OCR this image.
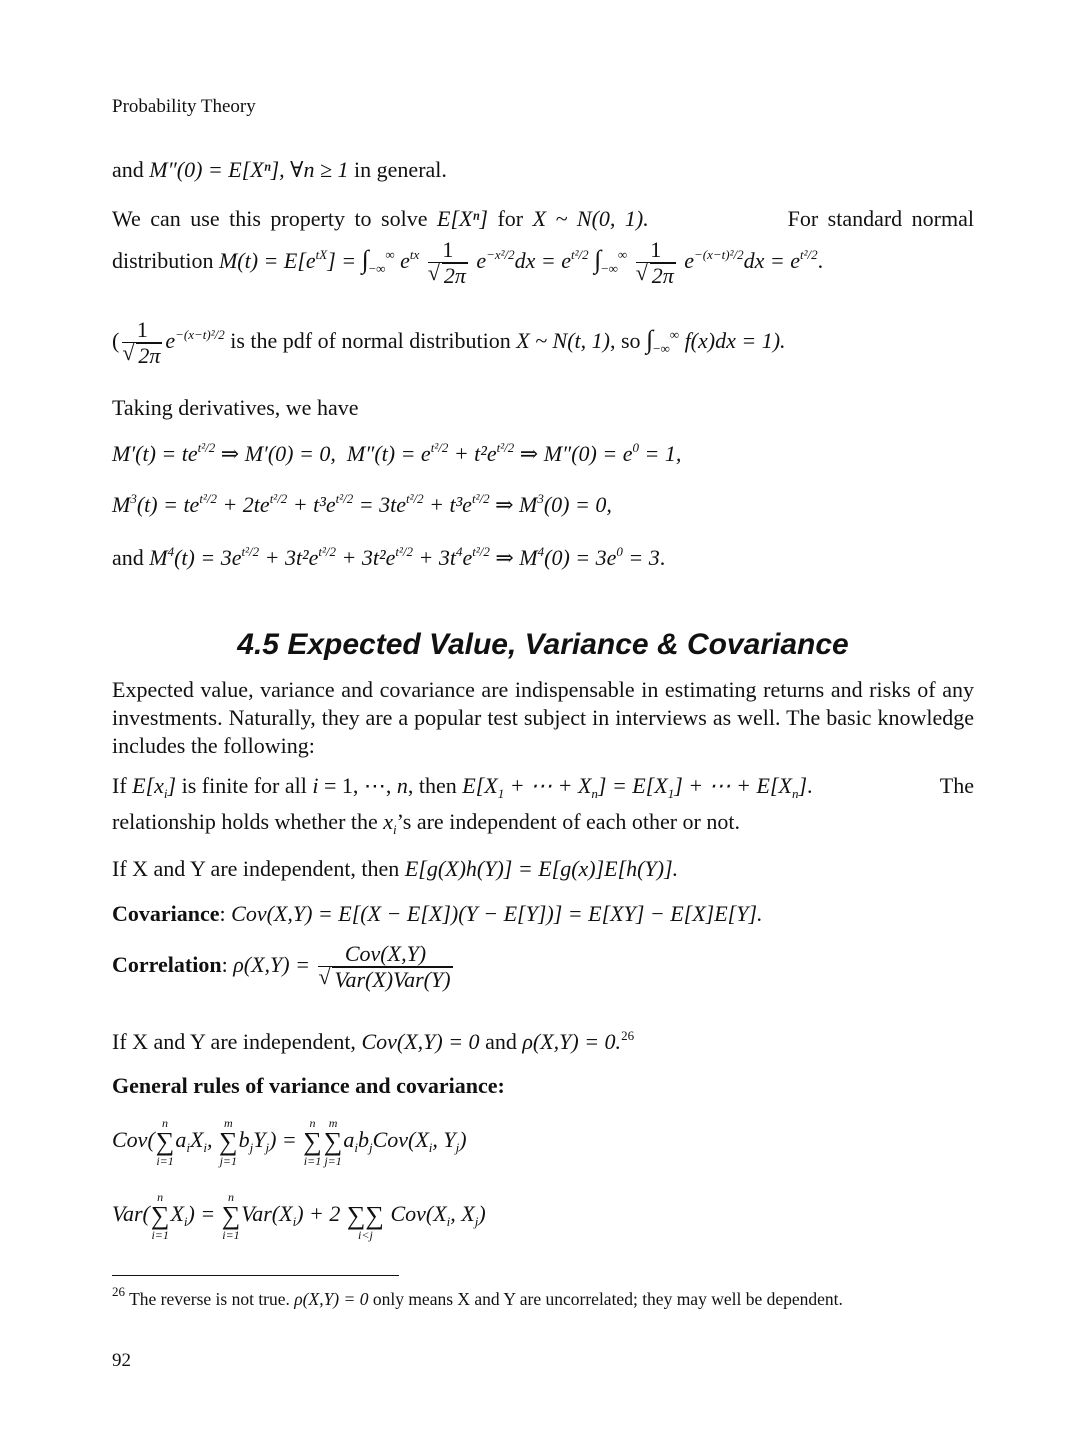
Probability Theory
and M″(0) = E[Xⁿ], ∀n ≥ 1 in general.
We can use this property to solve E[Xⁿ] for X ~ N(0, 1).	For standard normal
distribution $M(t) = E[e^{tX}] = \int_{-\infty}^\infty$ $e^{tx}$ 1
√ 2π $e^{-x^2/2}dx = e^{t^2/2}$ $\int_{-\infty}^\infty$ 1
√ 2π $e^{-(x-t)^2/2}dx = e^{t^2/2}$.
( 1
√ 2π $e^{-(x-t)^2/2}$ is the pdf of normal distribution X ~ N(t, 1), so $\int_{-\infty}^\infty$ f(x)dx = 1).
Taking derivatives, we have
$M'(t) = te^{t^2/2}$ ⇒ M′(0) = 0,  $M''(t) = e^{t^2/2} + t^2e^{t^2/2}$ ⇒ $M''(0) = e^0 = 1$,
$M^3(t) = te^{t^2/2} + 2te^{t^2/2} + t^3e^{t^2/2} = 3te^{t^2/2} + t^3e^{t^2/2}$ ⇒ $M^3(0) = 0$,
and $M^4(t) = 3e^{t^2/2} + 3t^2e^{t^2/2} + 3t^2e^{t^2/2} + 3t^4e^{t^2/2}$ ⇒ $M^4(0) = 3e^0 = 3$.
4.5 Expected Value, Variance & Covariance
Expected value, variance and covariance are indispensable in estimating returns and risks of any investments. Naturally, they are a popular test subject in interviews as well. The basic knowledge includes the following:
If $E[x_i]$ is finite for all i = 1, ⋯, n, then $E[X_1$ + ⋯ + $X_n] = E[X_1]$ + ⋯ + $E[X_n]$.	The
relationship holds whether the $x_i’s$ are independent of each other or not.
If X and Y are independent, then E[g(X)h(Y)] = E[g(x)]E[h(Y)].
Covariance: Cov(X,Y) = E[(X − E[X])(Y − E[Y])] = E[XY] − E[X]E[Y].
Correlation: ρ(X,Y) = Cov(X,Y)
√ Var(X)Var(Y)
If X and Y are independent, Cov(X,Y) = 0 and ρ(X,Y) = 0.26
General rules of variance and covariance:
Cov(
n
∑
i=1
$a_iX_i$,
m
∑
j=1
$b_jY_j$) =
n
∑
i=1
m
∑
j=1
$a_ib_jCov(X_i$, $Y_j$)
Var(
n
∑
i=1
$X_i$) =
n
∑
i=1
$Var(X_i) + 2$
∑∑
i<j
$Cov(X_i$, $X_j$)
$^{26}$ The reverse is not true. ρ(X,Y) = 0 only means X and Y are uncorrelated; they may well be dependent.
92
